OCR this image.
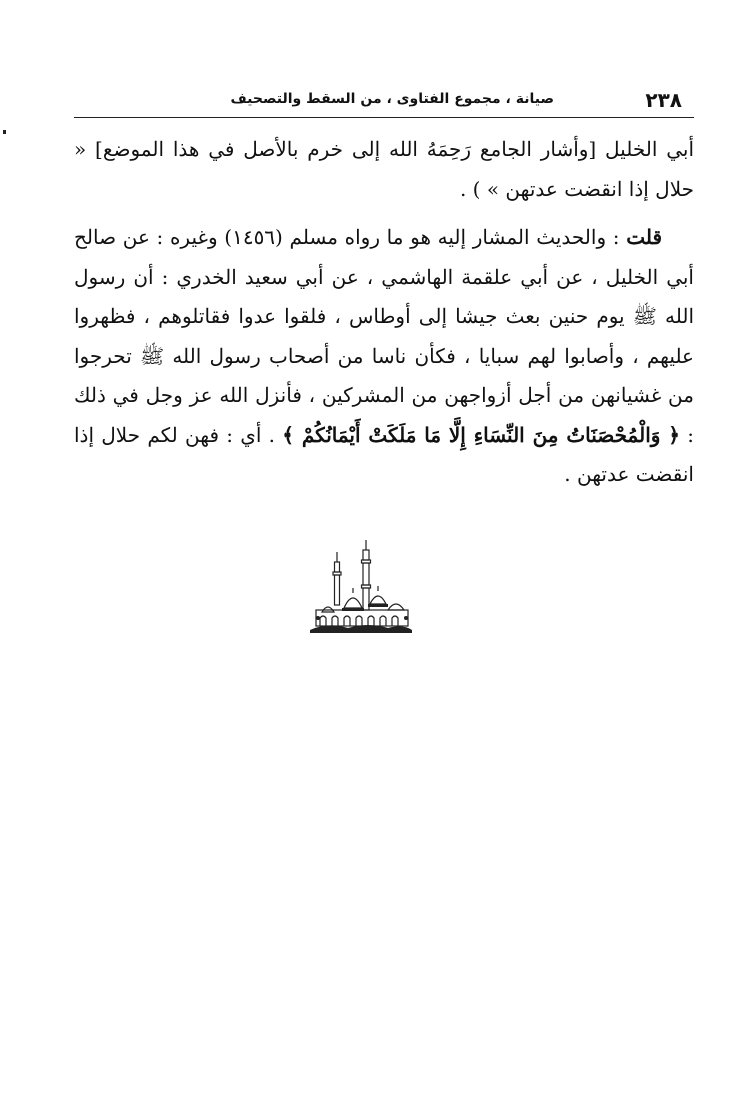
٢٣٨
صيانة ، مجموع الفتاوى ، من السقط والتصحيف

أبي الخليل [وأشار الجامع رَحِمَهُ الله إلى خرم بالأصل في هذا الموضع] « حلال إذا انقضت عدتهن » ) .

قلت : والحديث المشار إليه هو ما رواه مسلم (١٤٥٦) وغيره : عن صالح أبي الخليل ، عن أبي علقمة الهاشمي ، عن أبي سعيد الخدري : أن رسول الله ﷺ يوم حنين بعث جيشا إلى أوطاس ، فلقوا عدوا فقاتلوهم ، فظهروا عليهم ، وأصابوا لهم سبايا ، فكأن ناسا من أصحاب رسول الله ﷺ تحرجوا من غشيانهن من أجل أزواجهن من المشركين ، فأنزل الله عز وجل في ذلك : ﴿ وَالْمُحْصَنَاتُ مِنَ النِّسَاءِ إِلَّا مَا مَلَكَتْ أَيْمَانُكُمْ ﴾ . أي : فهن لكم حلال إذا انقضت عدتهن .
